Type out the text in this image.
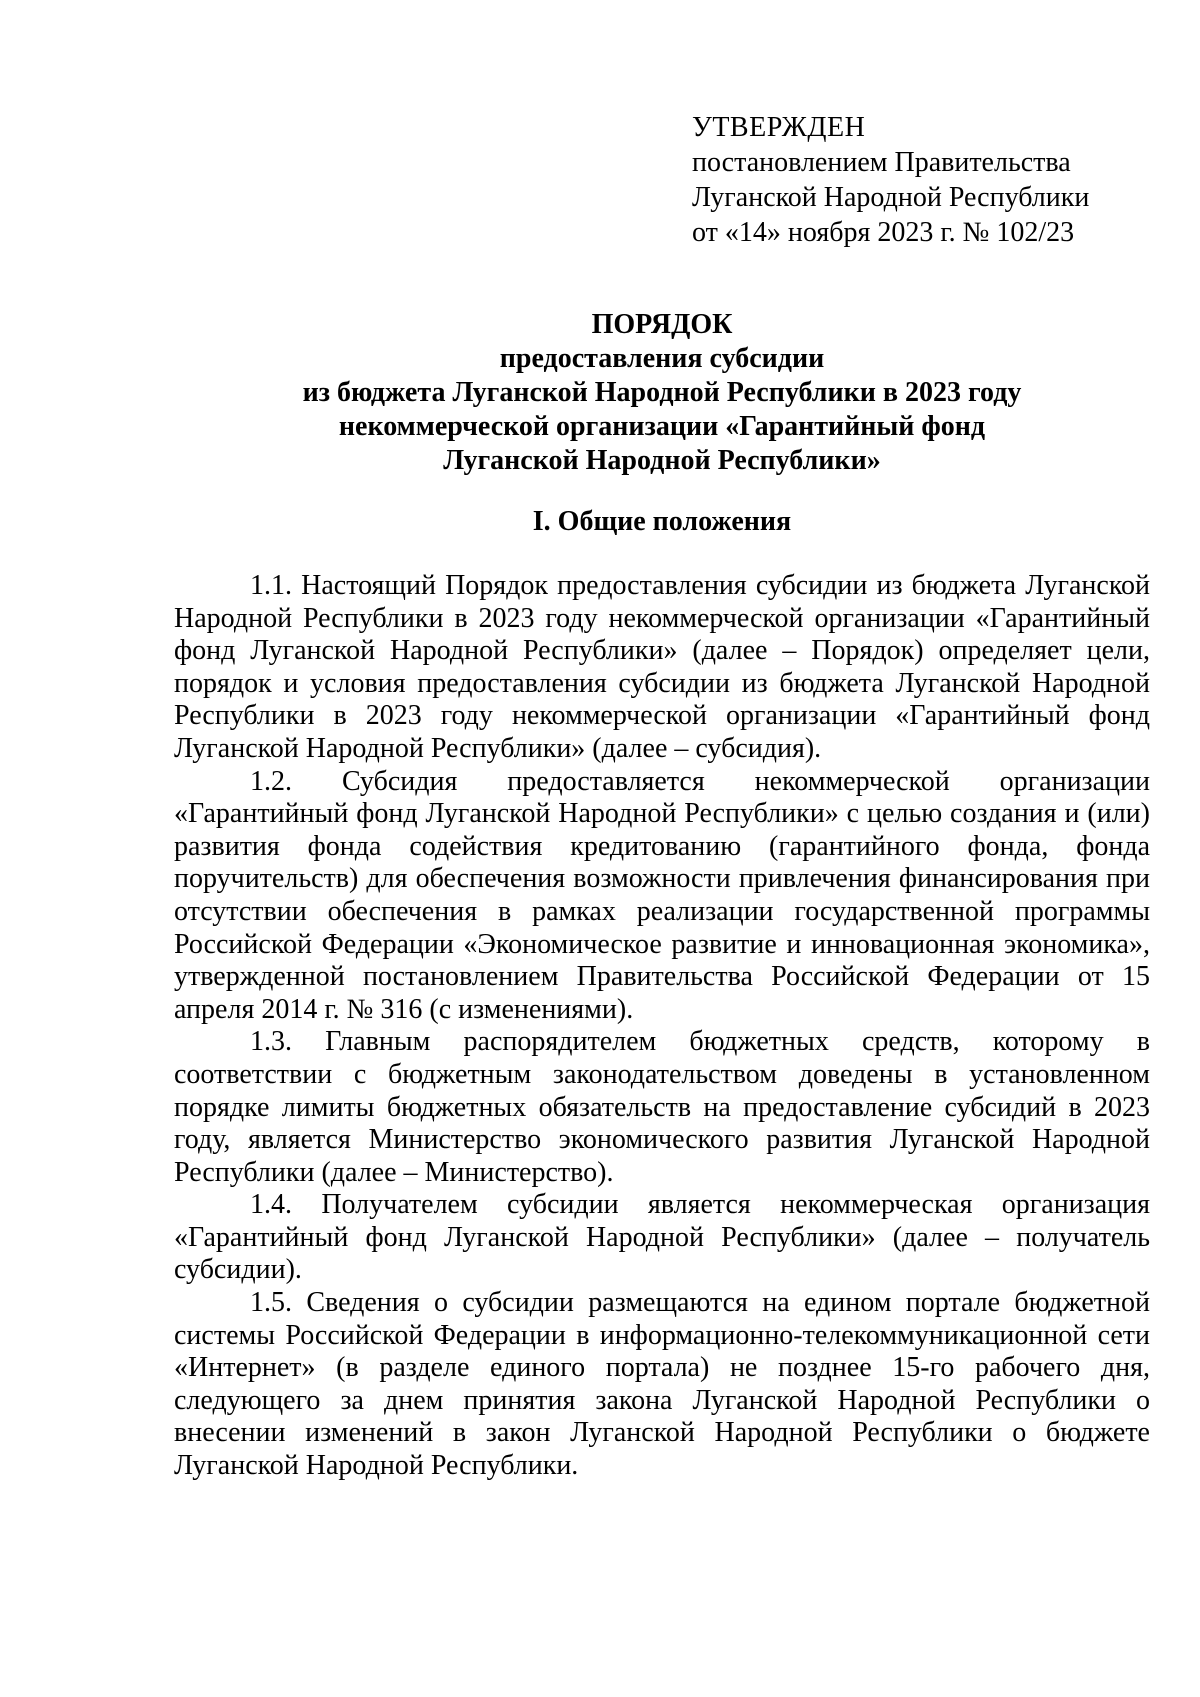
УТВЕРЖДЕН
постановлением Правительства
Луганской Народной Республики
от «14» ноября 2023 г. № 102/23
ПОРЯДОК
предоставления субсидии
из бюджета Луганской Народной Республики в 2023 году
некоммерческой организации «Гарантийный фонд
Луганской Народной Республики»
I. Общие положения

1.1. Настоящий Порядок предоставления субсидии из бюджета Луганской Народной Республики в 2023 году некоммерческой организации «Гарантийный фонд Луганской Народной Республики» (далее – Порядок) определяет цели, порядок и условия предоставления субсидии из бюджета Луганской Народной Республики в 2023 году некоммерческой организации «Гарантийный фонд Луганской Народной Республики» (далее – субсидия).

1.2. Субсидия предоставляется некоммерческой организации «Гарантийный фонд Луганской Народной Республики» с целью создания и (или) развития фонда содействия кредитованию (гарантийного фонда, фонда поручительств) для обеспечения возможности привлечения финансирования при отсутствии обеспечения в рамках реализации государственной программы Российской Федерации «Экономическое развитие и инновационная экономика», утвержденной постановлением Правительства Российской Федерации от 15 апреля 2014 г. № 316 (с изменениями).

1.3. Главным распорядителем бюджетных средств, которому в соответствии с бюджетным законодательством доведены в установленном порядке лимиты бюджетных обязательств на предоставление субсидий в 2023 году, является Министерство экономического развития Луганской Народной Республики (далее – Министерство).

1.4. Получателем субсидии является некоммерческая организация «Гарантийный фонд Луганской Народной Республики» (далее – получатель субсидии).

1.5. Сведения о субсидии размещаются на едином портале бюджетной системы Российской Федерации в информационно-телекоммуникационной сети «Интернет» (в разделе единого портала) не позднее 15-го рабочего дня, следующего за днем принятия закона Луганской Народной Республики о внесении изменений в закон Луганской Народной Республики о бюджете Луганской Народной Республики.
